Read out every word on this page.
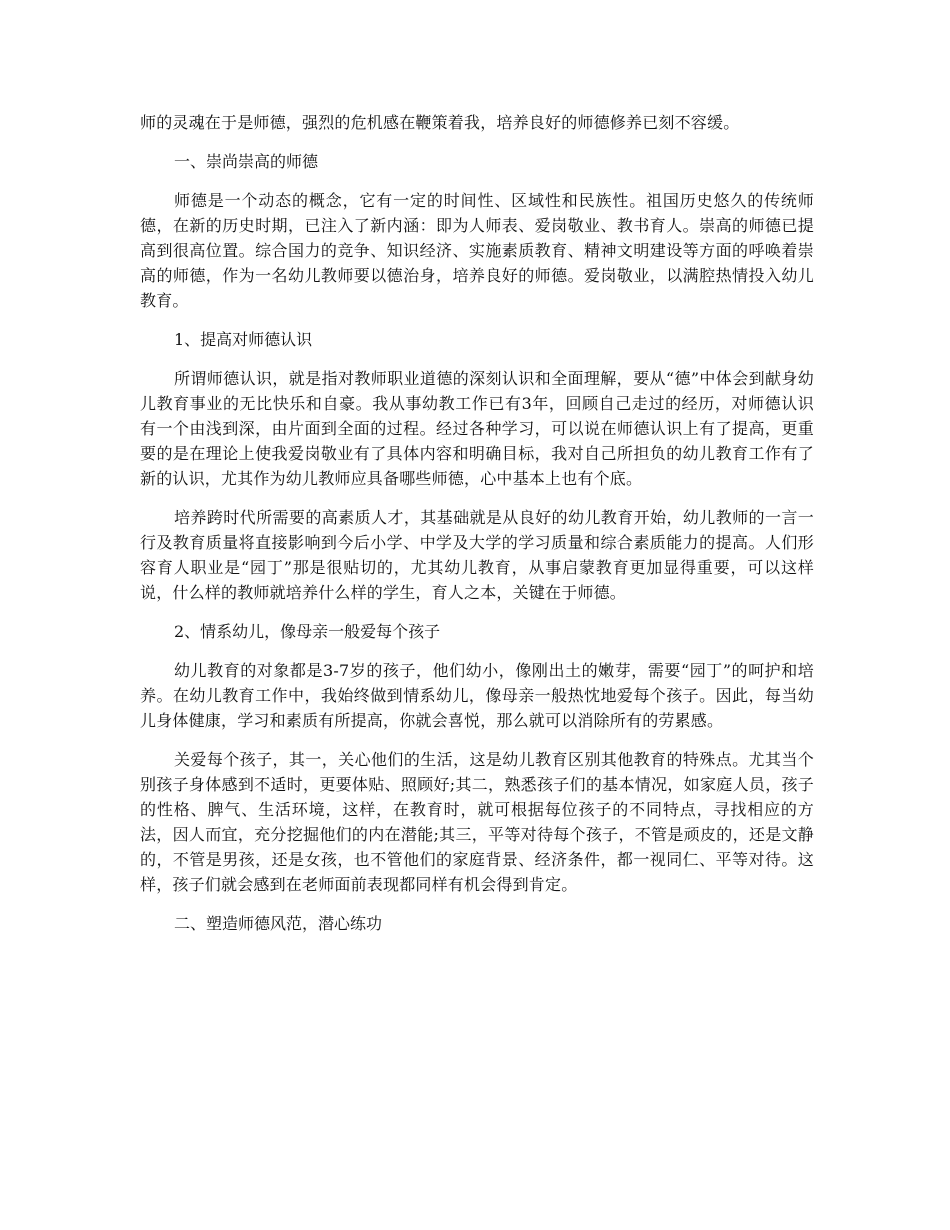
师的灵魂在于是师德，强烈的危机感在鞭策着我，培养良好的师德修养已刻不容缓。

一、崇尚崇高的师德

师德是一个动态的概念，它有一定的时间性、区域性和民族性。祖国历史悠久的传统师德，在新的历史时期，已注入了新内涵：即为人师表、爱岗敬业、教书育人。崇高的师德已提高到很高位置。综合国力的竞争、知识经济、实施素质教育、精神文明建设等方面的呼唤着崇高的师德，作为一名幼儿教师要以德治身，培养良好的师德。爱岗敬业，以满腔热情投入幼儿教育。

1、提高对师德认识

所谓师德认识，就是指对教师职业道德的深刻认识和全面理解，要从“德”中体会到献身幼儿教育事业的无比快乐和自豪。我从事幼教工作已有3年，回顾自己走过的经历，对师德认识有一个由浅到深，由片面到全面的过程。经过各种学习，可以说在师德认识上有了提高，更重要的是在理论上使我爱岗敬业有了具体内容和明确目标，我对自己所担负的幼儿教育工作有了新的认识，尤其作为幼儿教师应具备哪些师德，心中基本上也有个底。

培养跨时代所需要的高素质人才，其基础就是从良好的幼儿教育开始，幼儿教师的一言一行及教育质量将直接影响到今后小学、中学及大学的学习质量和综合素质能力的提高。人们形容育人职业是“园丁”那是很贴切的，尤其幼儿教育，从事启蒙教育更加显得重要，可以这样说，什么样的教师就培养什么样的学生，育人之本，关键在于师德。

2、情系幼儿，像母亲一般爱每个孩子

幼儿教育的对象都是3-7岁的孩子，他们幼小，像刚出土的嫩芽，需要“园丁”的呵护和培养。在幼儿教育工作中，我始终做到情系幼儿，像母亲一般热忱地爱每个孩子。因此，每当幼儿身体健康，学习和素质有所提高，你就会喜悦，那么就可以消除所有的劳累感。

关爱每个孩子，其一，关心他们的生活，这是幼儿教育区别其他教育的特殊点。尤其当个别孩子身体感到不适时，更要体贴、照顾好;其二，熟悉孩子们的基本情况，如家庭人员，孩子的性格、脾气、生活环境，这样，在教育时，就可根据每位孩子的不同特点，寻找相应的方法，因人而宜，充分挖掘他们的内在潜能;其三，平等对待每个孩子，不管是顽皮的，还是文静的，不管是男孩，还是女孩，也不管他们的家庭背景、经济条件，都一视同仁、平等对待。这样，孩子们就会感到在老师面前表现都同样有机会得到肯定。

二、塑造师德风范，潜心练功
